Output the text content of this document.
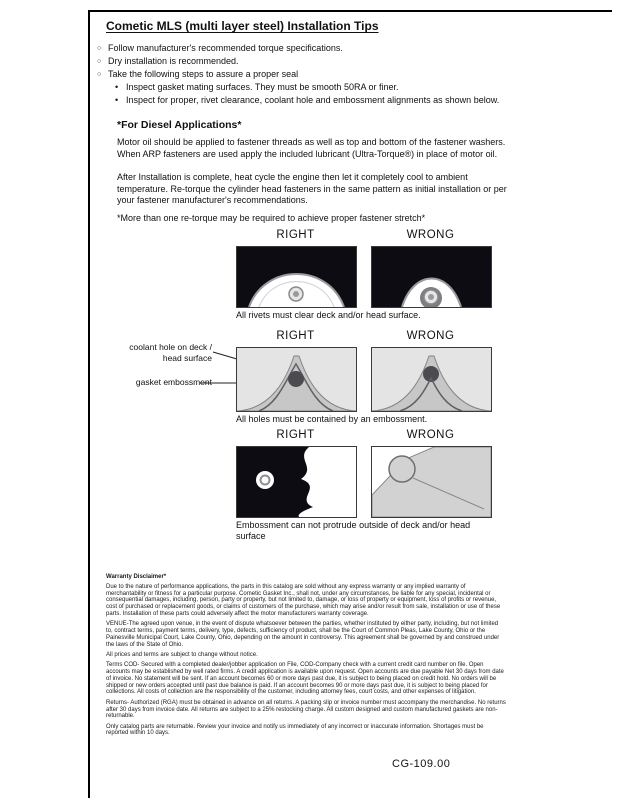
Cometic MLS (multi layer steel) Installation Tips
○ Follow manufacturer's recommended torque specifications.
○ Dry installation is recommended.
○ Take the following steps to assure a proper seal
• Inspect gasket mating surfaces. They must be smooth 50RA or finer.
• Inspect for proper, rivet clearance, coolant hole and embossment alignments as shown below.
*For Diesel Applications*
Motor oil should be applied to fastener threads as well as top and bottom of the fastener washers. When ARP fasteners are used apply the included lubricant (Ultra-Torque®) in place of motor oil.
After Installation is complete, heat cycle the engine then let it completely cool to ambient temperature. Re-torque the cylinder head fasteners in the same pattern as initial installation or per your fastener manufacturer's recommendations.
*More than one re-torque may be required to achieve proper fastener stretch*
RIGHT	WRONG
All rivets must clear deck and/or head surface.
RIGHT	WRONG
coolant hole on deck / head surface
gasket embossment
All holes must be contained by an embossment.
RIGHT	WRONG
Embossment can not protrude outside of deck and/or head surface
Warranty Disclaimer*

Due to the nature of performance applications, the parts in this catalog are sold without any express warranty or any implied warranty of merchantability or fitness for a particular purpose. Cometic Gasket Inc., shall not, under any circumstances, be liable for any special, incidental or consequential damages, including, person, party or property, but not limited to, damage, or loss of property or equipment, loss of profits or revenue, cost of purchased or replacement goods, or claims of customers of the purchase, which may arise and/or result from sale, installation or use of these parts. Installation of these parts could adversely affect the motor manufacturers warranty coverage.

VENUE-The agreed upon venue, in the event of dispute whatsoever between the parties, whether instituted by either party, including, but not limited to, contract terms, payment terms, delivery, type, defects, sufficiency of product, shall be the Court of Common Pleas, Lake County, Ohio or the Painesville Municipal Court, Lake County, Ohio, depending on the amount in controversy. This agreement shall be governed by and construed under the laws of the State of Ohio.

All prices and terms are subject to change without notice.

Terms COD- Secured with a completed dealer/jobber application on File, COD-Company check with a current credit card number on file. Open accounts may be established by well rated firms. A credit application is available upon request. Open accounts are due payable Net 30 days from date of invoice. No statement will be sent. If an account becomes 60 or more days past due, it is subject to being placed on credit hold. No orders will be shipped or new orders accepted until past due balance is paid. If an account becomes 90 or more days past due, it is subject to being placed for collections. All costs of collection are the responsibility of the customer, including attorney fees, court costs, and other expenses of litigation.

Returns- Authorized (RGA) must be obtained in advance on all returns. A packing slip or invoice number must accompany the merchandise. No returns after 30 days from invoice date. All returns are subject to a 25% restocking charge. All custom designed and custom manufactured gaskets are non-returnable.

Only catalog parts are returnable. Review your invoice and notify us immediately of any incorrect or inaccurate information. Shortages must be reported within 10 days.

CG-109.00
